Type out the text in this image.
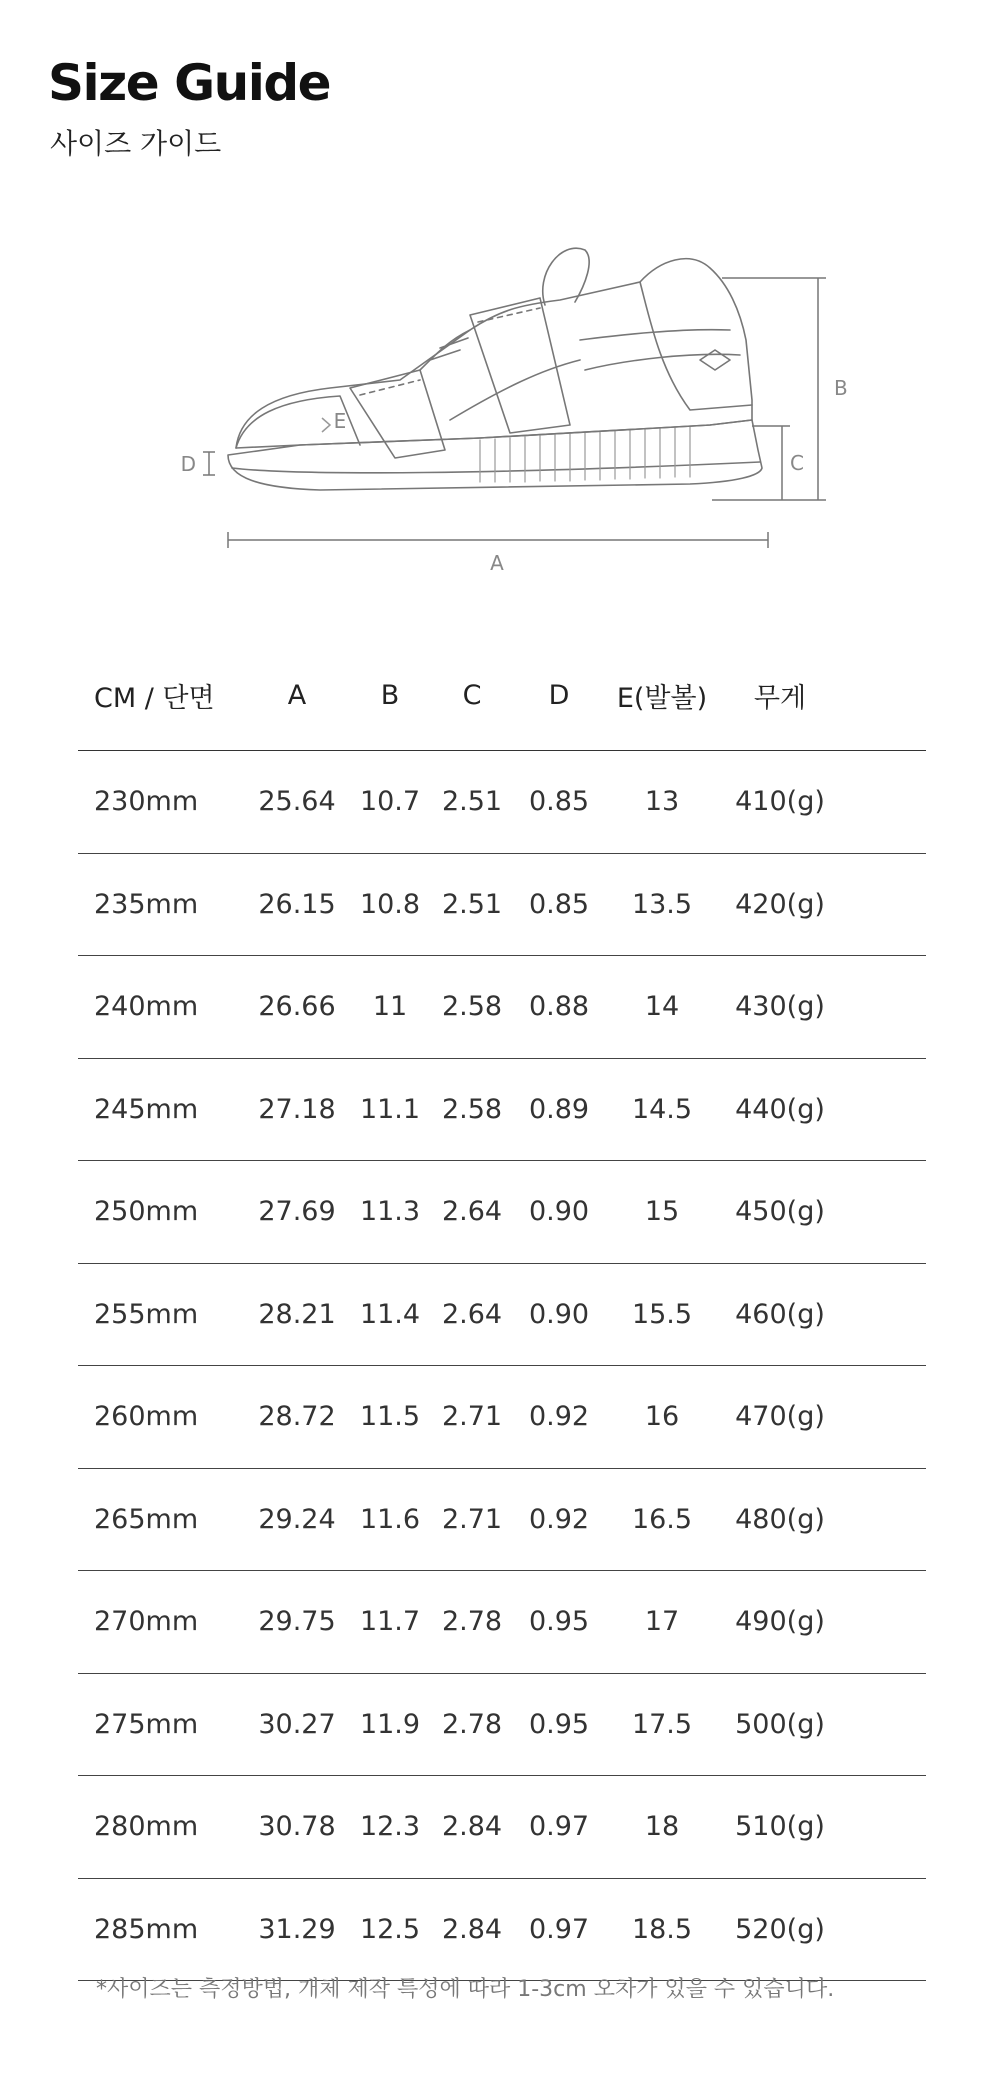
Size Guide

사이즈 가이드

A
B
C
D
E
CM / 단면	A	B	C	D	E(발볼)	무게	
230mm	25.64	10.7	2.51	0.85	13	410(g)	
235mm	26.15	10.8	2.51	0.85	13.5	420(g)	
240mm	26.66	11	2.58	0.88	14	430(g)	
245mm	27.18	11.1	2.58	0.89	14.5	440(g)	
250mm	27.69	11.3	2.64	0.90	15	450(g)	
255mm	28.21	11.4	2.64	0.90	15.5	460(g)	
260mm	28.72	11.5	2.71	0.92	16	470(g)	
265mm	29.24	11.6	2.71	0.92	16.5	480(g)	
270mm	29.75	11.7	2.78	0.95	17	490(g)	
275mm	30.27	11.9	2.78	0.95	17.5	500(g)	
280mm	30.78	12.3	2.84	0.97	18	510(g)	
285mm	31.29	12.5	2.84	0.97	18.5	520(g)	

*사이즈는 측정방법, 개체 제작 특성에 따라 1-3cm 오차가 있을 수 있습니다.
